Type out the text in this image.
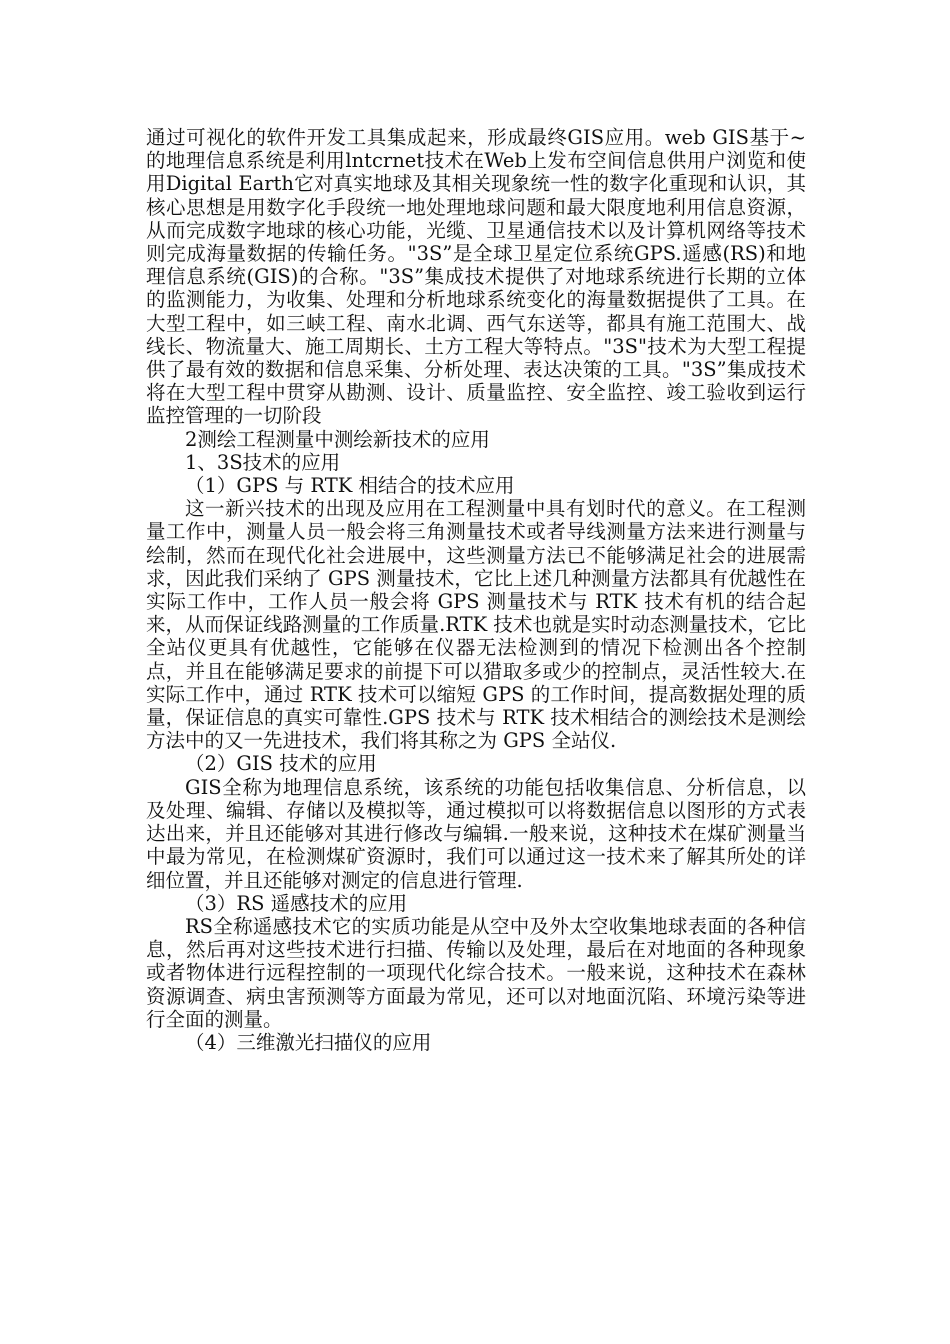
通过可视化的软件开发工具集成起来，形成最终GIS应用。web GIS基于~的地理信息系统是利用lntcrnet技术在Web上发布空间信息供用户浏览和使用Digital Earth它对真实地球及其相关现象统一性的数字化重现和认识，其核心思想是用数字化手段统一地处理地球问题和最大限度地利用信息资源，从而完成数字地球的核心功能，光缆、卫星通信技术以及计算机网络等技术则完成海量数据的传输任务。"3S”是全球卫星定位系统GPS.遥感(RS)和地理信息系统(GIS)的合称。"3S”集成技术提供了对地球系统进行长期的立体的监测能力，为收集、处理和分析地球系统变化的海量数据提供了工具。在大型工程中，如三峡工程、南水北调、西气东送等，都具有施工范围大、战线长、物流量大、施工周期长、土方工程大等特点。"3S"技术为大型工程提供了最有效的数据和信息采集、分析处理、表达决策的工具。"3S”集成技术将在大型工程中贯穿从勘测、设计、质量监控、安全监控、竣工验收到运行监控管理的一切阶段

2测绘工程测量中测绘新技术的应用

1、3S技术的应用

（1）GPS 与 RTK 相结合的技术应用

这一新兴技术的出现及应用在工程测量中具有划时代的意义。在工程测量工作中，测量人员一般会将三角测量技术或者导线测量方法来进行测量与绘制，然而在现代化社会进展中，这些测量方法已不能够满足社会的进展需求，因此我们采纳了 GPS 测量技术，它比上述几种测量方法都具有优越性在实际工作中，工作人员一般会将 GPS 测量技术与 RTK 技术有机的结合起来，从而保证线路测量的工作质量.RTK 技术也就是实时动态测量技术，它比全站仪更具有优越性，它能够在仪器无法检测到的情况下检测出各个控制点，并且在能够满足要求的前提下可以猎取多或少的控制点，灵活性较大.在实际工作中，通过 RTK 技术可以缩短 GPS 的工作时间，提高数据处理的质量，保证信息的真实可靠性.GPS 技术与 RTK 技术相结合的测绘技术是测绘方法中的又一先进技术，我们将其称之为 GPS 全站仪.

（2）GIS 技术的应用

GIS全称为地理信息系统，该系统的功能包括收集信息、分析信息，以及处理、编辑、存储以及模拟等，通过模拟可以将数据信息以图形的方式表达出来，并且还能够对其进行修改与编辑.一般来说，这种技术在煤矿测量当中最为常见，在检测煤矿资源时，我们可以通过这一技术来了解其所处的详细位置，并且还能够对测定的信息进行管理.

（3）RS 遥感技术的应用

RS全称遥感技术它的实质功能是从空中及外太空收集地球表面的各种信息，然后再对这些技术进行扫描、传输以及处理，最后在对地面的各种现象或者物体进行远程控制的一项现代化综合技术。一般来说，这种技术在森林资源调查、病虫害预测等方面最为常见，还可以对地面沉陷、环境污染等进行全面的测量。

（4）三维激光扫描仪的应用
